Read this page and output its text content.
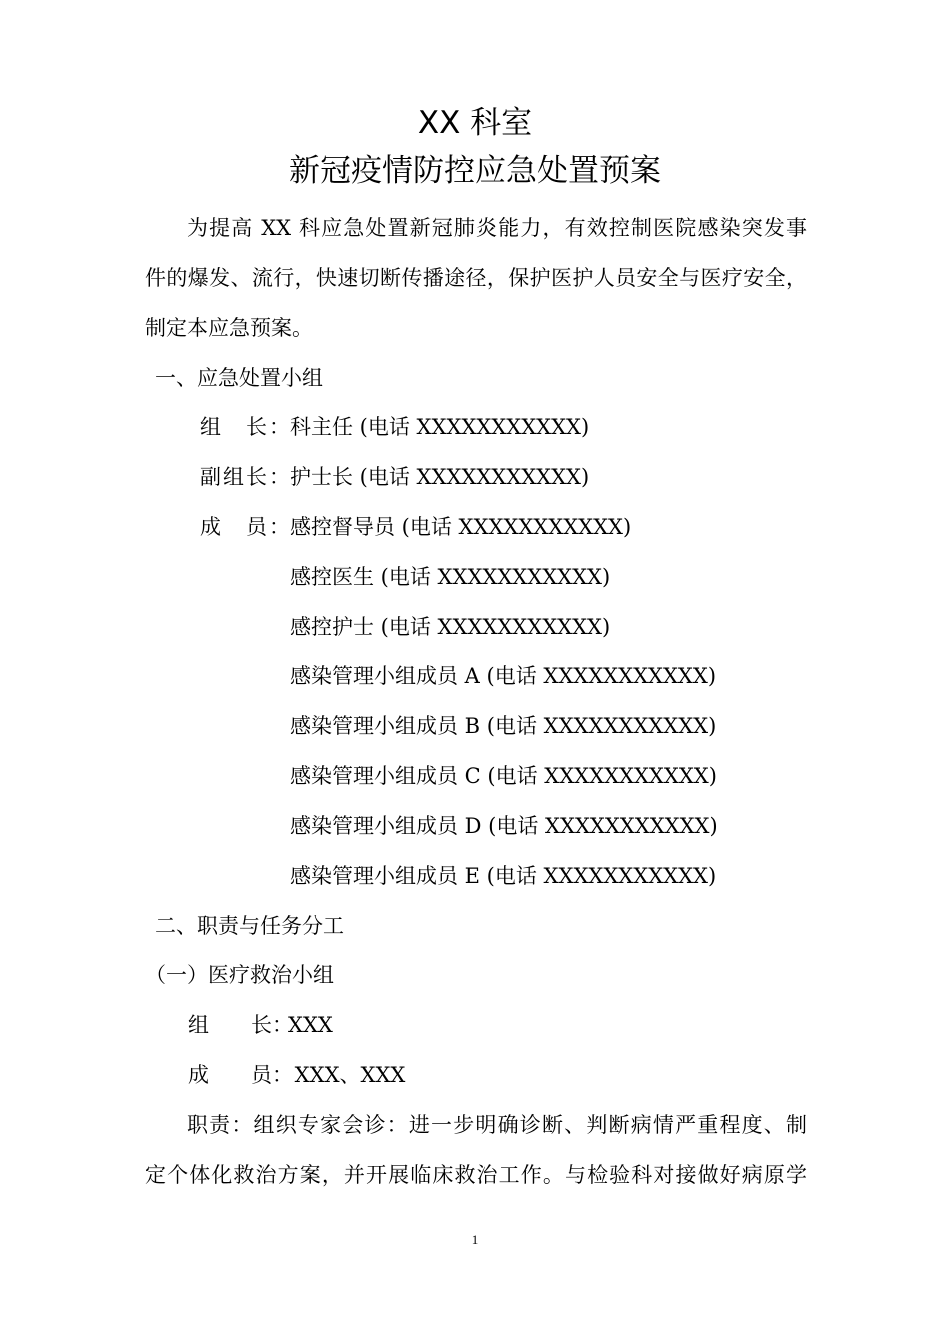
XX 科室
新冠疫情防控应急处置预案
为提高 XX 科应急处置新冠肺炎能力，有效控制医院感染突发事
件的爆发、流行，快速切断传播途径，保护医护人员安全与医疗安全，
制定本应急预案。
一、应急处置小组
组　长：科主任 (电话 XXXXXXXXXXX)
副组长：护士长 (电话 XXXXXXXXXXX)
成　员：感控督导员 (电话 XXXXXXXXXXX)
感控医生 (电话 XXXXXXXXXXX)
感控护士 (电话 XXXXXXXXXXX)
感染管理小组成员 A (电话 XXXXXXXXXXX)
感染管理小组成员 B (电话 XXXXXXXXXXX)
感染管理小组成员 C (电话 XXXXXXXXXXX)
感染管理小组成员 D (电话 XXXXXXXXXXX)
感染管理小组成员 E (电话 XXXXXXXXXXX)
二、职责与任务分工
（一）医疗救治小组
组　　长：XXX
成　　员： XXX、XXX
职责：组织专家会诊：进一步明确诊断、判断病情严重程度、制
定个体化救治方案，并开展临床救治工作。与检验科对接做好病原学
1
